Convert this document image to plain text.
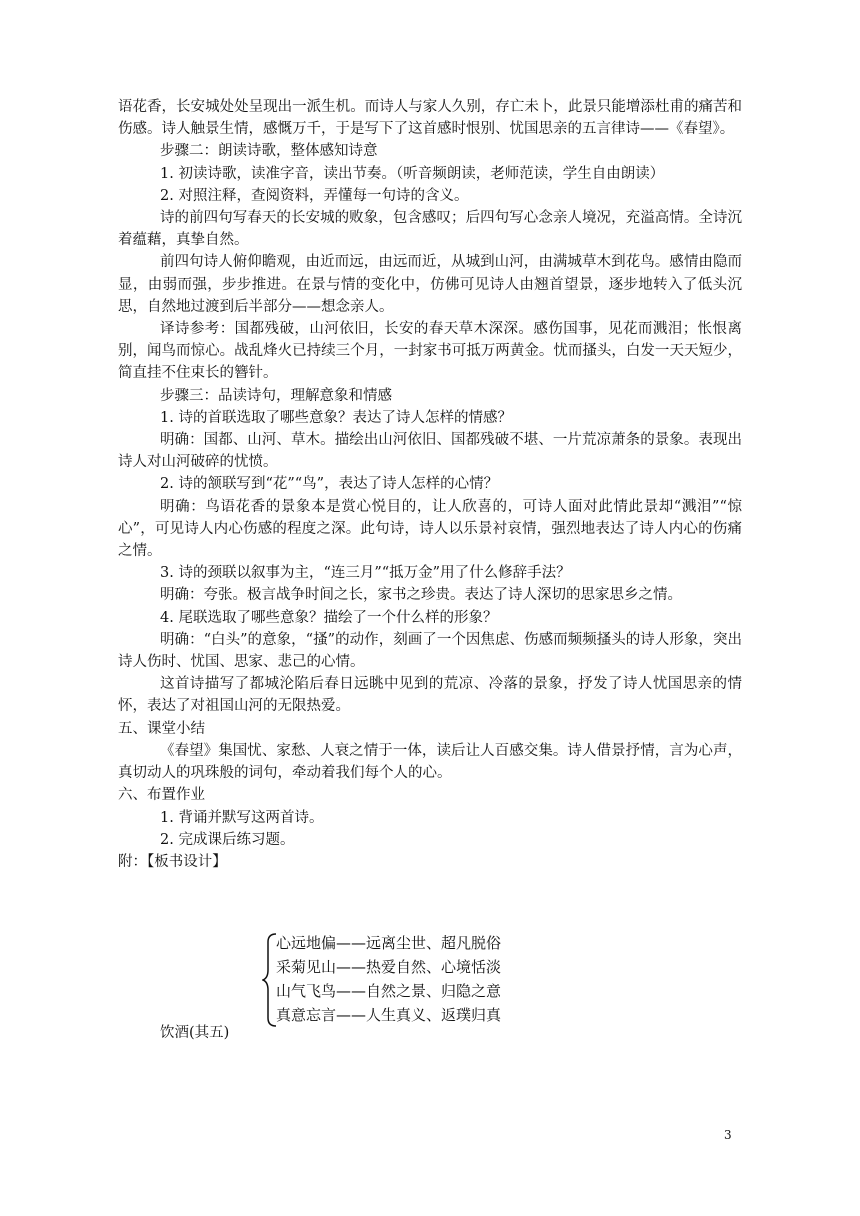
语花香，长安城处处呈现出一派生机。而诗人与家人久别，存亡未卜，此景只能增添杜甫的痛苦和伤感。诗人触景生情，感慨万千，于是写下了这首感时恨别、忧国思亲的五言律诗——《春望》。

步骤二：朗读诗歌，整体感知诗意

1. 初读诗歌，读准字音，读出节奏。（听音频朗读，老师范读，学生自由朗读）

2. 对照注释，查阅资料，弄懂每一句诗的含义。

诗的前四句写春天的长安城的败象，包含感叹；后四句写心念亲人境况，充溢高情。全诗沉着蕴藉，真挚自然。

前四句诗人俯仰瞻观，由近而远，由远而近，从城到山河，由满城草木到花鸟。感情由隐而显，由弱而强，步步推进。在景与情的变化中，仿佛可见诗人由翘首望景，逐步地转入了低头沉思，自然地过渡到后半部分——想念亲人。

译诗参考：国都残破，山河依旧，长安的春天草木深深。感伤国事，见花而溅泪；怅恨离别，闻鸟而惊心。战乱烽火已持续三个月，一封家书可抵万两黄金。忧而搔头，白发一天天短少，简直挂不住束长的簪针。

步骤三：品读诗句，理解意象和情感

1. 诗的首联选取了哪些意象？表达了诗人怎样的情感？

明确：国都、山河、草木。描绘出山河依旧、国都残破不堪、一片荒凉萧条的景象。表现出诗人对山河破碎的忧愤。

2. 诗的颔联写到“花”“鸟”，表达了诗人怎样的心情？

明确：鸟语花香的景象本是赏心悦目的，让人欣喜的，可诗人面对此情此景却“溅泪”“惊心”，可见诗人内心伤感的程度之深。此句诗，诗人以乐景衬哀情，强烈地表达了诗人内心的伤痛之情。

3. 诗的颈联以叙事为主，“连三月”“抵万金”用了什么修辞手法？

明确：夸张。极言战争时间之长，家书之珍贵。表达了诗人深切的思家思乡之情。

4. 尾联选取了哪些意象？描绘了一个什么样的形象？

明确：“白头”的意象，“搔”的动作，刻画了一个因焦虑、伤感而频频搔头的诗人形象，突出诗人伤时、忧国、思家、悲己的心情。

这首诗描写了都城沦陷后春日远眺中见到的荒凉、冷落的景象，抒发了诗人忧国思亲的情怀，表达了对祖国山河的无限热爱。

五、课堂小结

《春望》集国忧、家愁、人衰之情于一体，读后让人百感交集。诗人借景抒情，言为心声，真切动人的巩珠般的词句，牵动着我们每个人的心。

六、布置作业

1. 背诵并默写这两首诗。

2. 完成课后练习题。

附：【板书设计】

心远地偏——远离尘世、超凡脱俗
采菊见山——热爱自然、心境恬淡
山气飞鸟——自然之景、归隐之意
真意忘言——人生真义、返璞归真
饮酒(其五)
3
